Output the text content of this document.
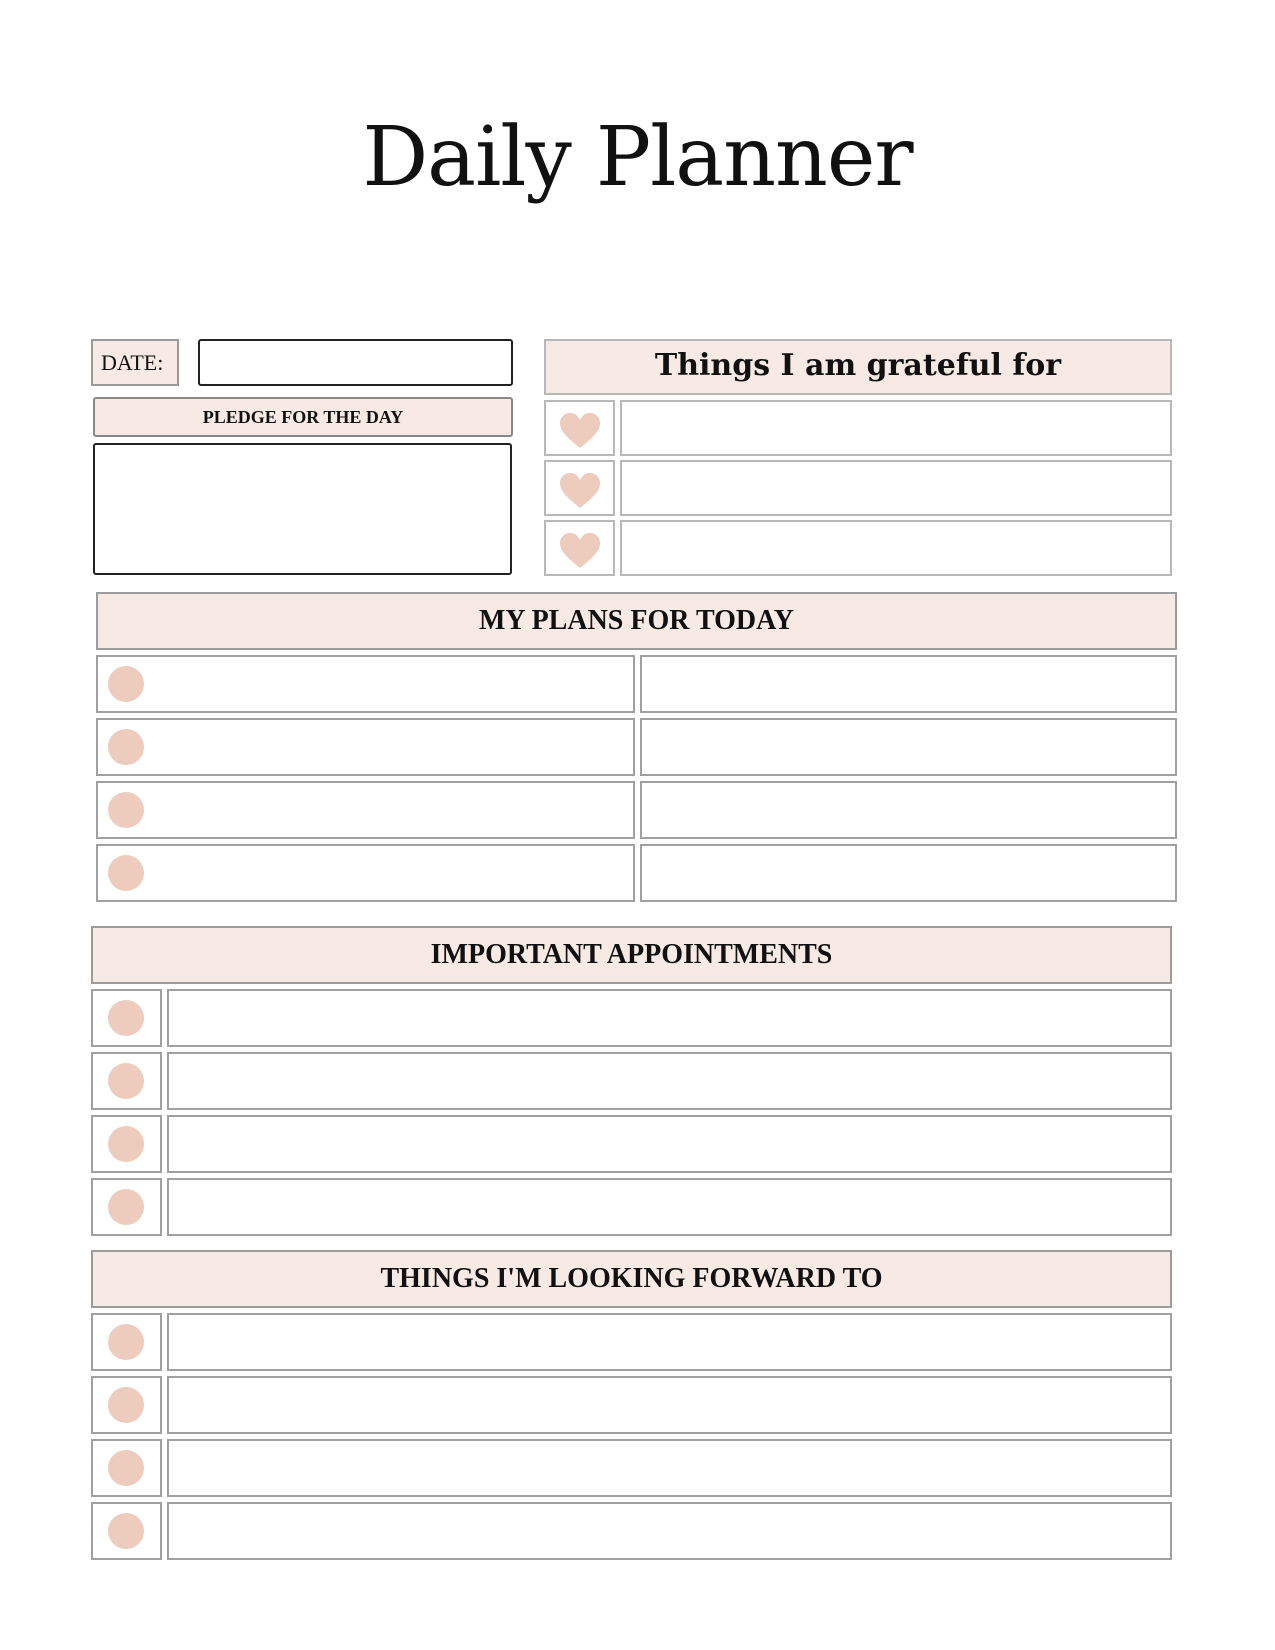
Daily Planner
DATE:
PLEDGE FOR THE DAY
Things I am grateful for
MY PLANS FOR TODAY
IMPORTANT APPOINTMENTS
THINGS I'M LOOKING FORWARD TO
